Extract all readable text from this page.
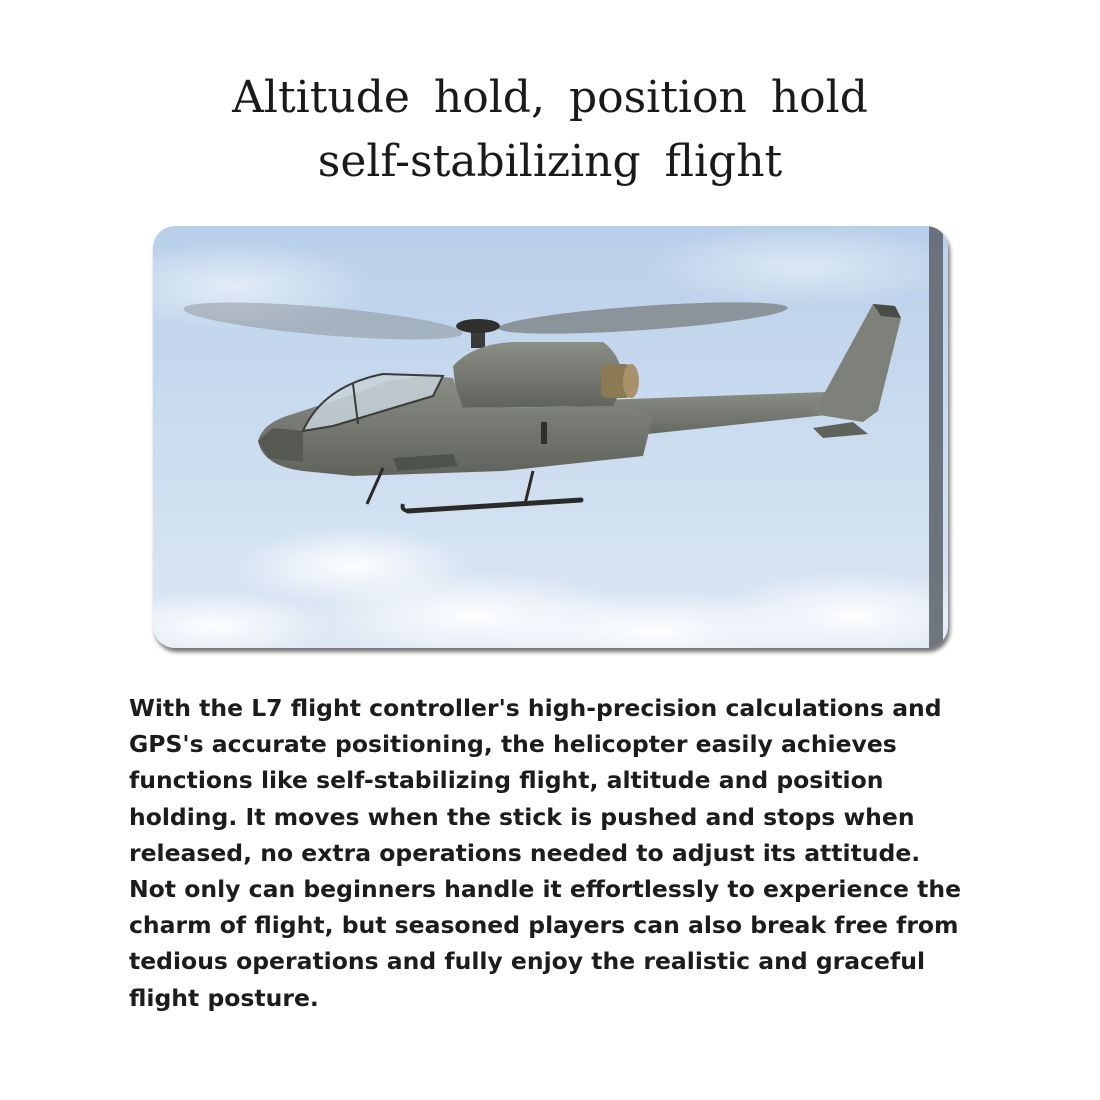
Altitude hold, position hold
self-stabilizing flight
With the L7 flight controller's high-precision calculations and
GPS's accurate positioning, the helicopter easily achieves
functions like self-stabilizing flight, altitude and position
holding. It moves when the stick is pushed and stops when
released, no extra operations needed to adjust its attitude.
Not only can beginners handle it effortlessly to experience the
charm of flight, but seasoned players can also break free from
tedious operations and fully enjoy the realistic and graceful
flight posture.
